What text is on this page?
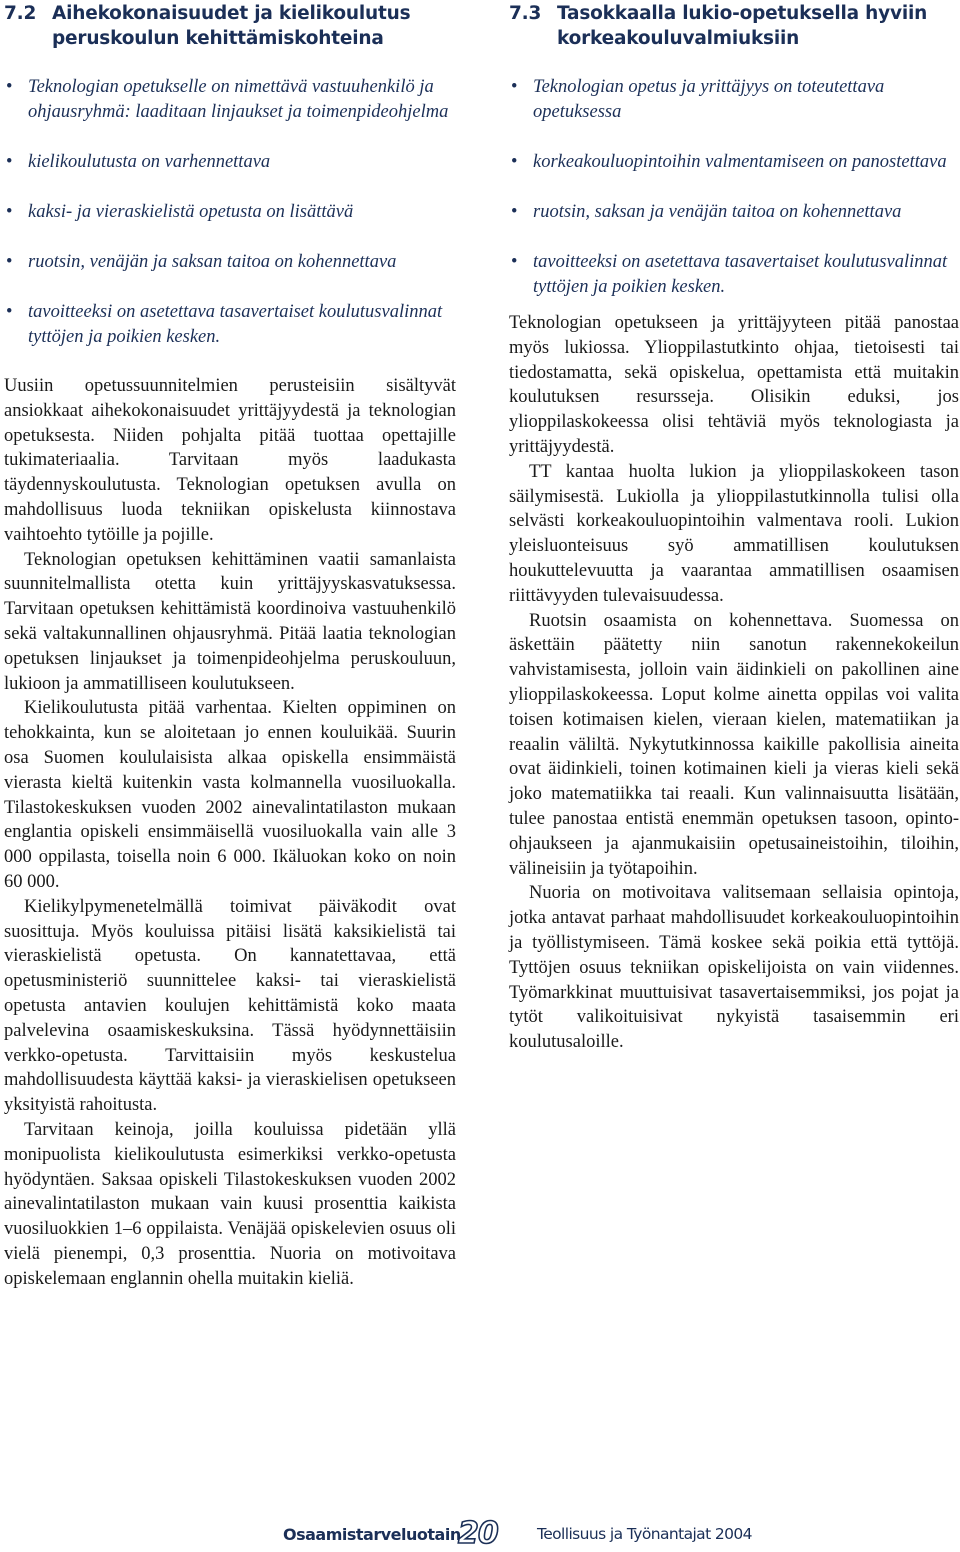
7.2 Aihekokonaisuudet ja kielikoulutus peruskoulun kehittämiskohteina
• Teknologian opetukselle on nimettävä vastuuhenkilö ja ohjausryhmä: laaditaan linjaukset ja toimenpideohjelma
• kielikoulutusta on varhennettava
• kaksi- ja vieraskielistä opetusta on lisättävä
• ruotsin, venäjän ja saksan taitoa on kohennettava
• tavoitteeksi on asetettava tasavertaiset koulutusvalinnat tyttöjen ja poikien kesken.

Uusiin opetussuunnitelmien perusteisiin sisältyvät ansiokkaat aihekokonaisuudet yrittäjyydestä ja teknologian opetuksesta. Niiden pohjalta pitää tuottaa opettajille tukimateriaalia. Tarvitaan myös laadukasta täydennyskoulutusta. Teknologian opetuksen avulla on mahdollisuus luoda tekniikan opiskelusta kiinnostava vaihtoehto tytöille ja pojille.

Teknologian opetuksen kehittäminen vaatii samanlaista suunnitelmallista otetta kuin yrittäjyyskasvatuksessa. Tarvitaan opetuksen kehittämistä koordinoiva vastuuhenkilö sekä valtakunnallinen ohjausryhmä. Pitää laatia teknologian opetuksen linjaukset ja toimenpideohjelma peruskouluun, lukioon ja ammatilliseen koulutukseen.

Kielikoulutusta pitää varhentaa. Kielten oppiminen on tehokkainta, kun se aloitetaan jo ennen kouluikää. Suurin osa Suomen koululaisista alkaa opiskella ensimmäistä vierasta kieltä kuitenkin vasta kolmannella vuosiluokalla. Tilastokeskuksen vuoden 2002 ainevalintatilaston mukaan englantia opiskeli ensimmäisellä vuosiluokalla vain alle 3 000 oppilasta, toisella noin 6 000. Ikäluokan koko on noin 60 000.

Kielikylpymenetelmällä toimivat päiväkodit ovat suosittuja. Myös kouluissa pitäisi lisätä kaksikielistä tai vieraskielistä opetusta. On kannatettavaa, että opetusministeriö suunnittelee kaksi- tai vieraskielistä opetusta antavien koulujen kehittämistä koko maata palvelevina osaamiskeskuksina. Tässä hyödynnettäisiin verkko-opetusta. Tarvittaisiin myös keskustelua mahdollisuudesta käyttää kaksi- ja vieraskielisen opetukseen yksityistä rahoitusta.

Tarvitaan keinoja, joilla kouluissa pidetään yllä monipuolista kielikoulutusta esimerkiksi verkko-opetusta hyödyntäen. Saksaa opiskeli Tilastokeskuksen vuoden 2002 ainevalintatilaston mukaan vain kuusi prosenttia kaikista vuosiluokkien 1–6 oppilaista. Venäjää opiskelevien osuus oli vielä pienempi, 0,3 prosenttia. Nuoria on motivoitava opiskelemaan englannin ohella muitakin kieliä.

7.3 Tasokkaalla lukio-opetuksella hyviin korkeakouluvalmiuksiin
• Teknologian opetus ja yrittäjyys on toteutettava opetuksessa
• korkeakouluopintoihin valmentamiseen on panostettava
• ruotsin, saksan ja venäjän taitoa on kohennettava
• tavoitteeksi on asetettava tasavertaiset koulutusvalinnat tyttöjen ja poikien kesken.

Teknologian opetukseen ja yrittäjyyteen pitää panostaa myös lukiossa. Ylioppilastutkinto ohjaa, tietoisesti tai tiedostamatta, sekä opiskelua, opettamista että muitakin koulutuksen resursseja. Olisikin eduksi, jos ylioppilaskokeessa olisi tehtäviä myös teknologiasta ja yrittäjyydestä.

TT kantaa huolta lukion ja ylioppilaskokeen tason säilymisestä. Lukiolla ja ylioppilastutkinnolla tulisi olla selvästi korkeakouluopintoihin valmentava rooli. Lukion yleisluonteisuus syö ammatillisen koulutuksen houkuttelevuutta ja vaarantaa ammatillisen osaamisen riittävyyden tulevaisuudessa.

Ruotsin osaamista on kohennettava. Suomessa on äskettäin päätetty niin sanotun rakennekokeilun vahvistamisesta, jolloin vain äidinkieli on pakollinen aine ylioppilaskokeessa. Loput kolme ainetta oppilas voi valita toisen kotimaisen kielen, vieraan kielen, matematiikan ja reaalin väliltä. Nykytutkinnossa kaikille pakollisia aineita ovat äidinkieli, toinen kotimainen kieli ja vieras kieli sekä joko matematiikka tai reaali. Kun valinnaisuutta lisätään, tulee panostaa entistä enemmän opetuksen tasoon, opinto-ohjaukseen ja ajanmukaisiin opetusaineistoihin, tiloihin, välineisiin ja työtapoihin.

Nuoria on motivoitava valitsemaan sellaisia opintoja, jotka antavat parhaat mahdollisuudet korkeakouluopintoihin ja työllistymiseen. Tämä koskee sekä poikia että tyttöjä. Tyttöjen osuus tekniikan opiskelijoista on vain viidennes. Työmarkkinat muuttuisivat tasavertaisemmiksi, jos pojat ja tytöt valikoituisivat nykyistä tasaisemmin eri koulutusaloille.

Osaamistarveluotain
20	Teollisuus ja Työnantajat 2004
